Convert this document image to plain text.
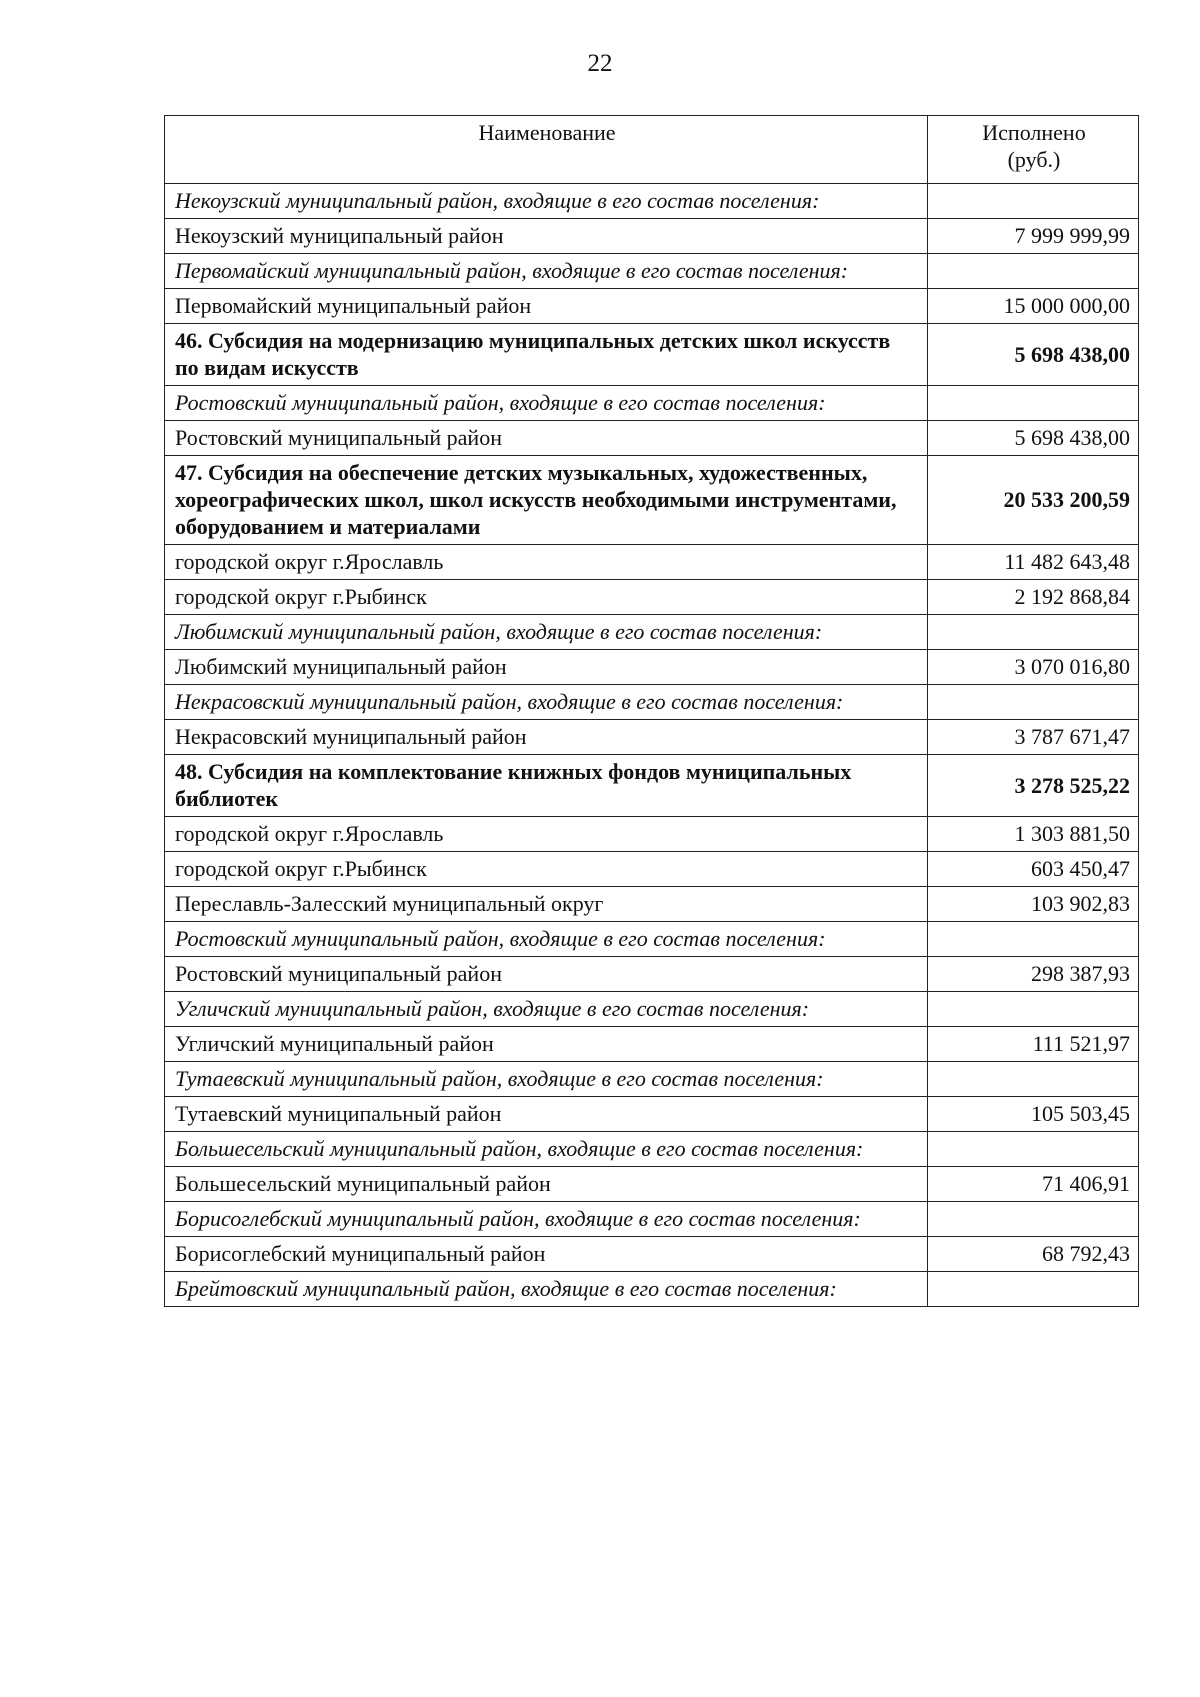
22
Наименование	Исполнено
(руб.)

Некоузский муниципальный район, входящие в его состав поселения:	
Некоузский муниципальный район	7 999 999,99
Первомайский муниципальный район, входящие в его состав поселения:	
Первомайский муниципальный район	15 000 000,00
46. Субсидия на модернизацию муниципальных детских школ искусств по видам искусств	5 698 438,00
Ростовский муниципальный район, входящие в его состав поселения:	
Ростовский муниципальный район	5 698 438,00
47. Субсидия на обеспечение детских музыкальных, художественных, хореографических школ, школ искусств необходимыми инструментами, оборудованием и материалами	20 533 200,59
городской округ г.Ярославль	11 482 643,48
городской округ г.Рыбинск	2 192 868,84
Любимский муниципальный район, входящие в его состав поселения:	
Любимский муниципальный район	3 070 016,80
Некрасовский муниципальный район, входящие в его состав поселения:	
Некрасовский муниципальный район	3 787 671,47
48. Субсидия на комплектование книжных фондов муниципальных библиотек	3 278 525,22
городской округ г.Ярославль	1 303 881,50
городской округ г.Рыбинск	603 450,47
Переславль-Залесский муниципальный округ	103 902,83
Ростовский муниципальный район, входящие в его состав поселения:	
Ростовский муниципальный район	298 387,93
Угличский муниципальный район, входящие в его состав поселения:	
Угличский муниципальный район	111 521,97
Тутаевский муниципальный район, входящие в его состав поселения:	
Тутаевский муниципальный район	105 503,45
Большесельский муниципальный район, входящие в его состав поселения:	
Большесельский муниципальный район	71 406,91
Борисоглебский муниципальный район, входящие в его состав поселения:	
Борисоглебский муниципальный район	68 792,43
Брейтовский муниципальный район, входящие в его состав поселения:	
